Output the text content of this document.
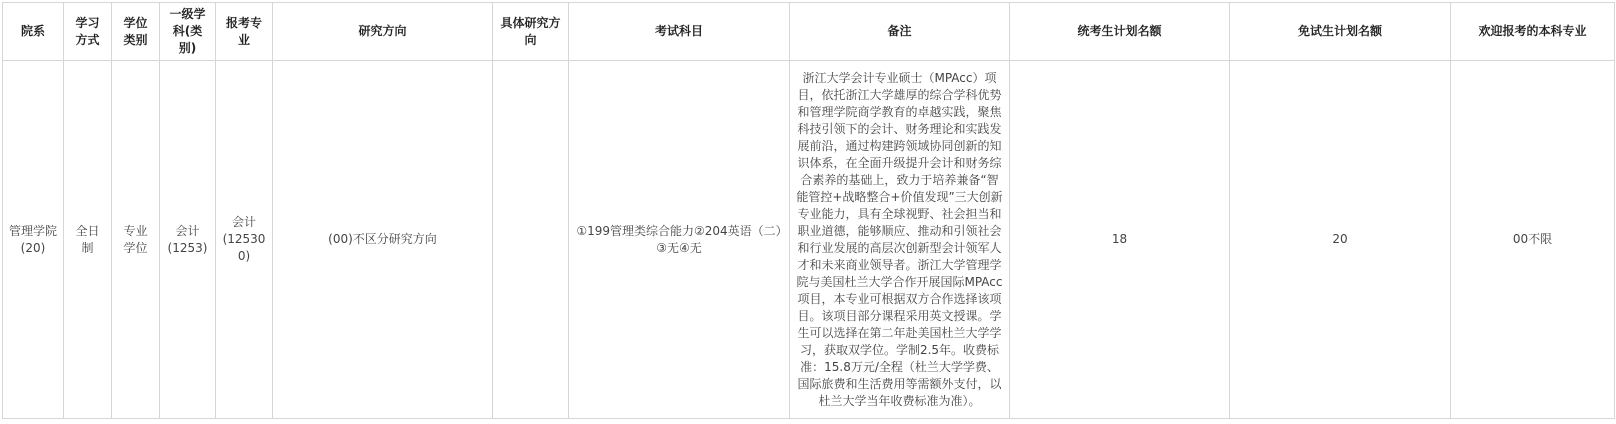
院系	学习方式	学位类别	一级学科(类别)	报考专业	研究方向	具体研究方向	考试科目	备注	统考生计划名额	免试生计划名额	欢迎报考的本科专业
管理学院(20)	全日制	专业学位	会计(1253)	会计(125300)	(00)不区分研究方向		①199管理类综合能力②204英语（二）③无④无	浙江大学会计专业硕士（MPAcc）项目，依托浙江大学雄厚的综合学科优势和管理学院商学教育的卓越实践，聚焦科技引领下的会计、财务理论和实践发展前沿，通过构建跨领域协同创新的知识体系，在全面升级提升会计和财务综合素养的基础上，致力于培养兼备“智能管控+战略整合+价值发现”三大创新专业能力，具有全球视野、社会担当和职业道德，能够顺应、推动和引领社会和行业发展的高层次创新型会计领军人才和未来商业领导者。浙江大学管理学院与美国杜兰大学合作开展国际MPAcc项目，本专业可根据双方合作选择该项目。该项目部分课程采用英文授课。学生可以选择在第二年赴美国杜兰大学学习，获取双学位。学制2.5年。收费标准：15.8万元/全程（杜兰大学学费、国际旅费和生活费用等需额外支付，以杜兰大学当年收费标准为准）。	18	20	00不限
